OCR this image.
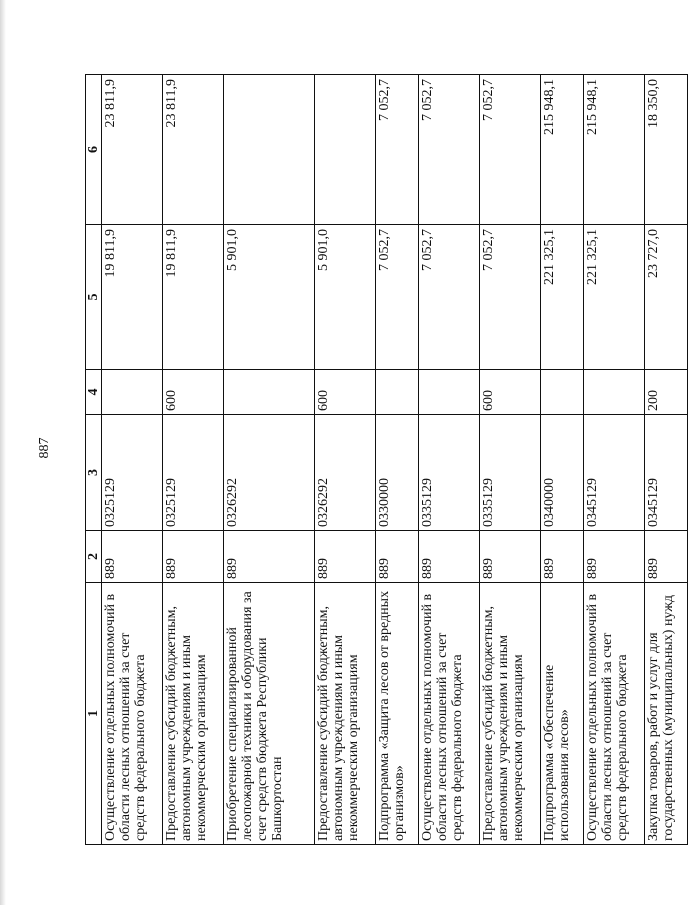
887
1	2	3	4	5	6
Осуществление отдельных полномочий в области лесных отношений за счет средств федерального бюджета	889	0325129		19 811,9	23 811,9
Предоставление субсидий бюджетным, автономным учреждениям и иным некоммерческим организациям	889	0325129	600	19 811,9	23 811,9
Приобретение специализированной лесопожарной техники и оборудования за счет средств бюджета Республики Башкортостан	889	0326292		5 901,0	
Предоставление субсидий бюджетным, автономным учреждениям и иным некоммерческим организациям	889	0326292	600	5 901,0	
Подпрограмма «Защита лесов от вредных организмов»	889	0330000		7 052,7	7 052,7
Осуществление отдельных полномочий в области лесных отношений за счет средств федерального бюджета	889	0335129		7 052,7	7 052,7
Предоставление субсидий бюджетным, автономным учреждениям и иным некоммерческим организациям	889	0335129	600	7 052,7	7 052,7
Подпрограмма «Обеспечение использования лесов»	889	0340000		221 325,1	215 948,1
Осуществление отдельных полномочий в области лесных отношений за счет средств федерального бюджета	889	0345129		221 325,1	215 948,1
Закупка товаров, работ и услуг для государственных (муниципальных) нужд	889	0345129	200	23 727,0	18 350,0
